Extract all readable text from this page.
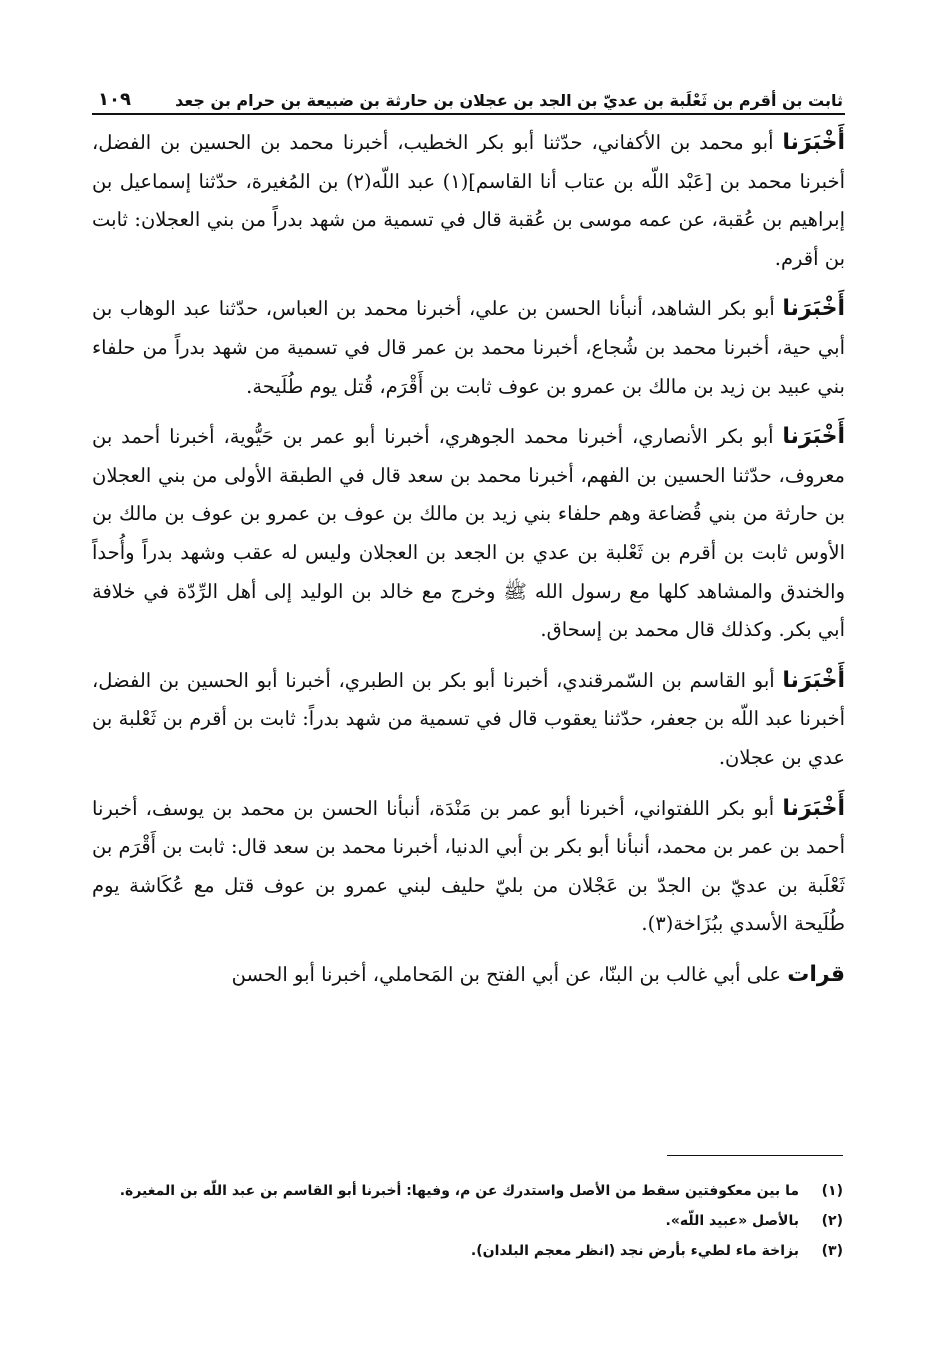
ثابت بن أقرم بن ثَعْلَبة بن عديّ بن الجد بن عجلان بن حارثة بن ضبيعة بن حرام بن جعد
١٠٩

أَخْبَرَنا أبو محمد بن الأكفاني، حدّثنا أبو بكر الخطيب، أخبرنا محمد بن الحسين بن الفضل، أخبرنا محمد بن [عَبْد اللّه بن عتاب أنا القاسم](١) عبد اللّه(٢) بن المُغيرة، حدّثنا إسماعيل بن إبراهيم بن عُقبة، عن عمه موسى بن عُقبة قال في تسمية من شهد بدراً من بني العجلان: ثابت بن أقرم.

أَخْبَرَنا أبو بكر الشاهد، أنبأنا الحسن بن علي، أخبرنا محمد بن العباس، حدّثنا عبد الوهاب بن أبي حية، أخبرنا محمد بن شُجاع، أخبرنا محمد بن عمر قال في تسمية من شهد بدراً من حلفاء بني عبيد بن زيد بن مالك بن عمرو بن عوف ثابت بن أَقْرَم، قُتل يوم طُلَيحة.

أَخْبَرَنا أبو بكر الأنصاري، أخبرنا محمد الجوهري، أخبرنا أبو عمر بن حَيُّوية، أخبرنا أحمد بن معروف، حدّثنا الحسين بن الفهم، أخبرنا محمد بن سعد قال في الطبقة الأولى من بني العجلان بن حارثة من بني قُضاعة وهم حلفاء بني زيد بن مالك بن عوف بن عمرو بن عوف بن مالك بن الأوس ثابت بن أقرم بن ثَعْلبة بن عدي بن الجعد بن العجلان وليس له عقب وشهد بدراً وأُحداً والخندق والمشاهد كلها مع رسول الله ﷺ وخرج مع خالد بن الوليد إلى أهل الرِّدّة في خلافة أبي بكر. وكذلك قال محمد بن إسحاق.

أَخْبَرَنا أبو القاسم بن السّمرقندي، أخبرنا أبو بكر بن الطبري، أخبرنا أبو الحسين بن الفضل، أخبرنا عبد اللّه بن جعفر، حدّثنا يعقوب قال في تسمية من شهد بدراً: ثابت بن أقرم بن ثَعْلبة بن عدي بن عجلان.

أَخْبَرَنا أبو بكر اللفتواني، أخبرنا أبو عمر بن مَنْدَة، أنبأنا الحسن بن محمد بن يوسف، أخبرنا أحمد بن عمر بن محمد، أنبأنا أبو بكر بن أبي الدنيا، أخبرنا محمد بن سعد قال: ثابت بن أَقْرَم بن ثَعْلَبة بن عديّ بن الجدّ بن عَجْلان من بليّ حليف لبني عمرو بن عوف قتل مع عُكَاشة يوم طُلَيحة الأسدي ببُزَاخة(٣).

قرات على أبي غالب بن البنّا، عن أبي الفتح بن المَحاملي، أخبرنا أبو الحسن

(١)
ما بين معكوفتين سقط من الأصل واستدرك عن م، وفيها: أخبرنا أبو القاسم بن عبد اللّه بن المغيرة.
(٢)
بالأصل «عبيد اللّه».
(٣)
بزاخة ماء لطيء بأرض نجد (انظر معجم البلدان).
